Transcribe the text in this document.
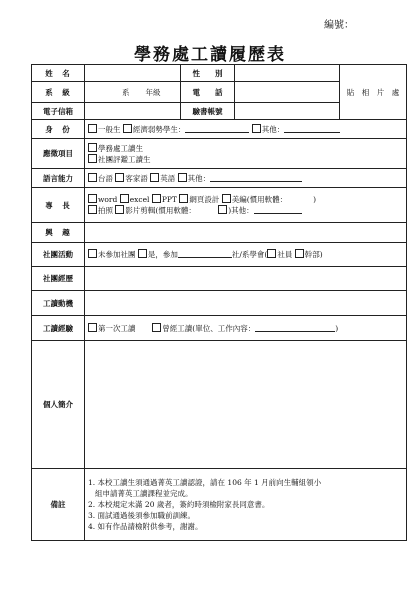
編號：
學務處工讀履歷表
姓　名		性　　別		貼　相　片　處
系　級	系 年級	電　　話		
電子信箱		驗書帳號		

身　份	一般生 經濟弱勢學生： 其他：			
應徵項目	學務處工讀生
社團評鑑工讀生			

語言能力	台語 客家語 英語 其他：			
專　長	word excel PPT 網頁設計 美編(慣用軟體： )
拍照 影片剪輯(慣用軟體： )其他：			

興　趣				
社團活動	未參加社團 是，參加 社/系學會( 社員 幹部)			
社團經歷				
工讀動機				
工讀經驗	第一次工讀 曾經工讀(單位、工作內容： )			
個人簡介				
備註	1. 本校工讀生須通過菁英工讀認證，請在 106 年 1 月前向生輔組領小
組申請菁英工讀課程並完成。
2. 本校規定未滿 20 歲者，簽約時須檢附家長同意書。
3. 面試通過後須參加職前訓練。
4. 如有作品請檢附供參考，謝謝。			
